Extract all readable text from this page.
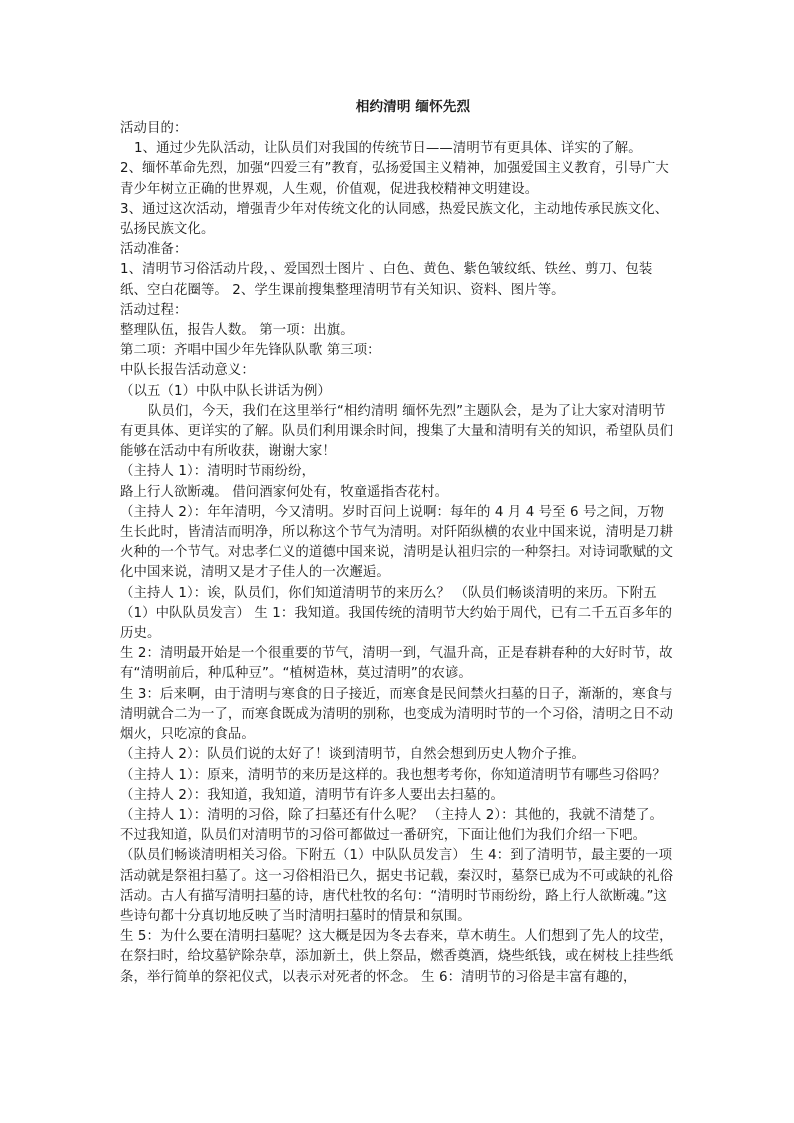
相约清明 缅怀先烈

活动目的：

1、通过少先队活动，让队员们对我国的传统节日——清明节有更具体、详实的了解。

2、缅怀革命先烈，加强“四爱三有”教育，弘扬爱国主义精神，加强爱国主义教育，引导广大青少年树立正确的世界观，人生观，价值观，促进我校精神文明建设。

3、通过这次活动，增强青少年对传统文化的认同感，热爱民族文化，主动地传承民族文化、弘扬民族文化。

活动准备：

1、清明节习俗活动片段，、爱国烈士图片 、白色、黄色、紫色皱纹纸、铁丝、剪刀、包装纸、空白花圈等。 2、学生课前搜集整理清明节有关知识、资料、图片等。

活动过程：

整理队伍，报告人数。 第一项：出旗。

第二项：齐唱中国少年先锋队队歌 第三项：

中队长报告活动意义：

（以五（1）中队中队长讲话为例）

队员们，今天，我们在这里举行“相约清明 缅怀先烈”主题队会，是为了让大家对清明节有更具体、更详实的了解。队员们利用课余时间，搜集了大量和清明有关的知识，希望队员们能够在活动中有所收获，谢谢大家！

（主持人 1）：清明时节雨纷纷，

路上行人欲断魂。 借问酒家何处有，牧童遥指杏花村。

（主持人 2）：年年清明，今又清明。岁时百问上说啊：每年的 4 月 4 号至 6 号之间，万物生长此时，皆清洁而明净，所以称这个节气为清明。对阡陌纵横的农业中国来说，清明是刀耕火种的一个节气。对忠孝仁义的道德中国来说，清明是认祖归宗的一种祭扫。对诗词歌赋的文化中国来说，清明又是才子佳人的一次邂逅。

（主持人 1）：诶，队员们，你们知道清明节的来历么？ （队员们畅谈清明的来历。下附五（1）中队队员发言） 生 1：我知道。我国传统的清明节大约始于周代，已有二千五百多年的历史。

生 2：清明最开始是一个很重要的节气，清明一到，气温升高，正是春耕春种的大好时节，故有“清明前后，种瓜种豆”。“植树造林，莫过清明”的农谚。

生 3：后来啊，由于清明与寒食的日子接近，而寒食是民间禁火扫墓的日子，渐渐的，寒食与清明就合二为一了，而寒食既成为清明的别称，也变成为清明时节的一个习俗，清明之日不动烟火，只吃凉的食品。

（主持人 2）：队员们说的太好了！谈到清明节，自然会想到历史人物介子推。

（主持人 1）：原来，清明节的来历是这样的。我也想考考你，你知道清明节有哪些习俗吗？

（主持人 2）：我知道，我知道，清明节有许多人要出去扫墓的。

（主持人 1）：清明的习俗，除了扫墓还有什么呢？ （主持人 2）：其他的，我就不清楚了。不过我知道，队员们对清明节的习俗可都做过一番研究，下面让他们为我们介绍一下吧。

（队员们畅谈清明相关习俗。下附五（1）中队队员发言） 生 4：到了清明节，最主要的一项活动就是祭祖扫墓了。这一习俗相沿已久，据史书记载，秦汉时，墓祭已成为不可或缺的礼俗活动。古人有描写清明扫墓的诗，唐代杜牧的名句：“清明时节雨纷纷，路上行人欲断魂。”这些诗句都十分真切地反映了当时清明扫墓时的情景和氛围。

生 5：为什么要在清明扫墓呢？这大概是因为冬去春来，草木萌生。人们想到了先人的坟茔，在祭扫时，给坟墓铲除杂草，添加新土，供上祭品，燃香奠酒，烧些纸钱，或在树枝上挂些纸条，举行简单的祭祀仪式，以表示对死者的怀念。 生 6：清明节的习俗是丰富有趣的，
